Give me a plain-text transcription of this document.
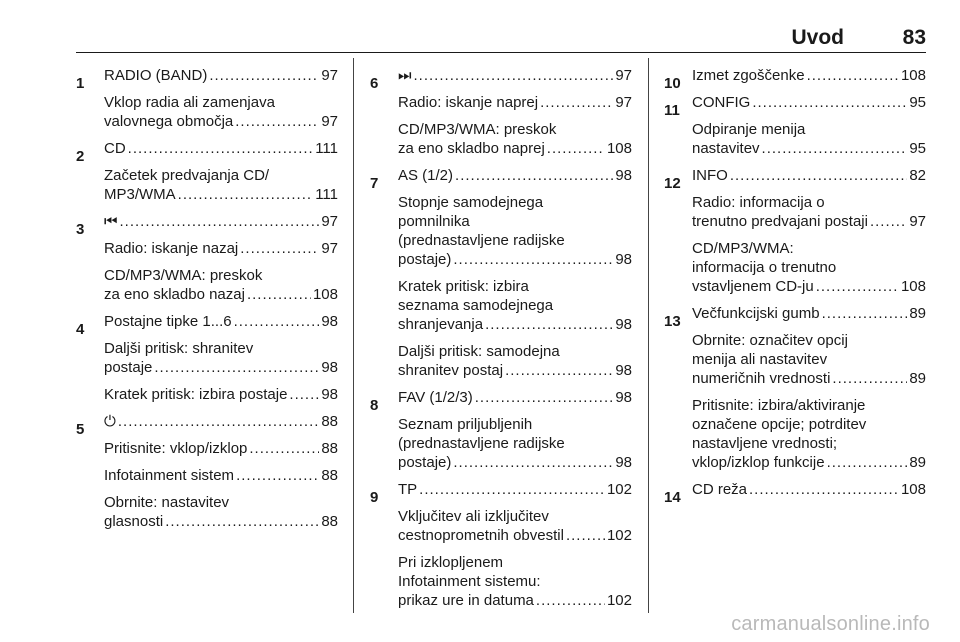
Uvod	83
1 RADIO (BAND) .....	97
Vklop radia ali zamenjava
valovnega območja .....	97
2 CD .....	111
Začetek predvajanja CD/
MP3/WMA .....	111
3 ⏮ .....	97
Radio: iskanje nazaj .....	97
CD/MP3/WMA: preskok
za eno skladbo nazaj .....	108
4 Postajne tipke 1...6 .....	98
Daljši pritisk: shranitev
postaje .....	98
Kratek pritisk: izbira postaje ..... 98
5 ⏻ .....	88
Pritisnite: vklop/izklop .....	88
Infotainment sistem .....	88
Obrnite: nastavitev
glasnosti .....	88
6 ⏭ .....	97
Radio: iskanje naprej .....	97
CD/MP3/WMA: preskok
za eno skladbo naprej .....	108
7 AS (1/2) .....	98
Stopnje samodejnega
pomnilnika
(prednastavljene radijske
postaje) .....	98
Kratek pritisk: izbira
seznama samodejnega
shranjevanja .....	98
Daljši pritisk: samodejna
shranitev postaj .....	98
8 FAV (1/2/3) .....	98
Seznam priljubljenih
(prednastavljene radijske
postaje) .....	98
9 TP .....	102
Vključitev ali izključitev
cestnoprometnih obvestil .....	102
Pri izklopljenem
Infotainment sistemu:
prikaz ure in datuma .....	102
10 Izmet zgoščenke .....	108
11 CONFIG .....	95
Odpiranje menija
nastavitev .....	95
12 INFO .....	82
Radio: informacija o
trenutno predvajani postaji .....	97
CD/MP3/WMA:
informacija o trenutno
vstavljenem CD-ju .....	108
13 Večfunkcijski gumb .....	89
Obrnite: označitev opcij
menija ali nastavitev
numeričnih vrednosti .....	89
Pritisnite: izbira/aktiviranje
označene opcije; potrditev
nastavljene vrednosti;
vklop/izklop funkcije .....	89
14 CD reža .....	108
carmanualsonline.info
